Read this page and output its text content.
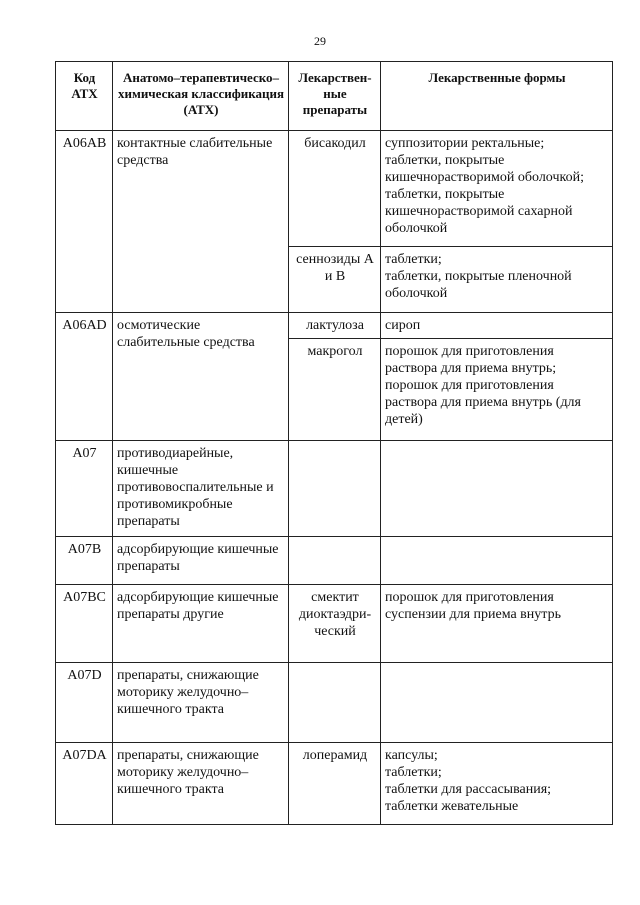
29
Код АТХ	Анатомо–терапевтическо–химическая классификация (АТХ)	Лекарствен-ные препараты	Лекарственные формы
A06AB	контактные слабительные средства	бисакодил	суппозитории ректальные;
таблетки, покрытые кишечнорастворимой оболочкой;
таблетки, покрытые кишечнорастворимой сахарной оболочкой

		сеннозиды A и B	таблетки;
таблетки, покрытые пленочной оболочкой

A06AD	осмотические слабительные средства	лактулоза	сироп

		макрогол	порошок для приготовления раствора для приема внутрь;
порошок для приготовления раствора для приема внутрь (для детей)

A07	противодиарейные, кишечные противовоспалительные и противомикробные препараты		
A07B	адсорбирующие кишечные препараты		
A07BC	адсорбирующие кишечные препараты другие	смектит диоктаэдри-ческий	порошок для приготовления суспензии для приема внутрь

A07D	препараты, снижающие моторику желудочно–кишечного тракта		
A07DA	препараты, снижающие моторику желудочно–кишечного тракта	лоперамид	капсулы;
таблетки;
таблетки для рассасывания;
таблетки жевательные
